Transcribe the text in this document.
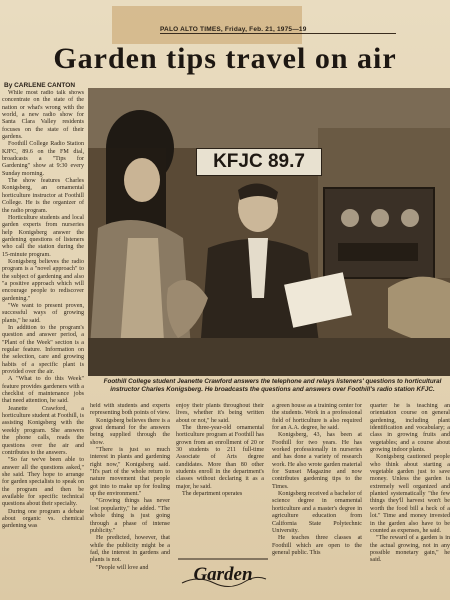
PALO ALTO TIMES, Friday, Feb. 21, 1975—19
Garden tips travel on air
By CARLENE CANTON

While most radio talk shows concentrate on the state of the nation or what's wrong with the world, a new radio show for Santa Clara Valley residents focuses on the state of their gardens.

Foothill College Radio Station KJFC, 89.6 on the FM dial, broadcasts a "Tips for Gardening" show at 9:30 every Sunday morning.

The show features Charles Konigsberg, an ornamental horticulture instructor at Foothill College. He is the organizer of the radio program.

Horticulture students and local garden experts from nurseries help Konigsberg answer the gardening questions of listeners who call the station during the 15-minute program.

Konigsberg believes the radio program is a "novel approach" to the subject of gardening and also "a positive approach which will encourage people to rediscover gardening."

"We want to present proven, successful ways of growing plants," he said.

In addition to the program's question and answer period, a "Plant of the Week" section is a regular feature. Information on the selection, care and growing habits of a specific plant is provided over the air.

A "What to do this Week" feature provides gardeners with a checklist of maintenance jobs that need attention, he said.

Jeanette Crawford, a horticulture student at Foothill, is assisting Konigsberg with the weekly program. She answers the phone calls, reads the questions over the air and contributes to the answers.

"So far we've been able to answer all the questions asked," she said. They hope to arrange for garden specialists to speak on the program and then be available for specific technical questions about their specialty.

During one program a debate about organic vs. chemical gardening was

KFJC 89.7
Foothill College student Jeanette Crawford answers the telephone and relays listeners' questions to horticultural instructor Charles Konigsberg. He broadcasts the questions and answers over Foothill's radio station KFJC.

held with students and experts representing both points of view.

Konigsberg believes there is a great demand for the answers being supplied through the show.

"There is just so much interest in plants and gardening right now," Konigsberg said. "It's part of the whole return to nature movement that people got into to make up for fouling up the environment."

"Growing things has never lost popularity," he added. "The whole thing is just going through a phase of intense publicity."

He predicted, however, that while the publicity might be a fad, the interest in gardens and plants is not.

"People will love and

enjoy their plants throughout their lives, whether it's being written about or not," he said.

The three-year-old ornamental horticulture program at Foothill has grown from an enrollment of 20 or 30 students to 211 full-time Associate of Arts degree candidates. More than 80 other students enroll in the department's classes without declaring it as a major, he said.

The department operates

Garden

a green house as a training center for the students. Work in a professional field of horticulture is also required for an A.A. degree, he said.

Konigsberg, 43, has been at Foothill for two years. He has worked professionally in nurseries and has done a variety of research work. He also wrote garden material for Sunset Magazine and now contributes gardening tips to the Times.

Konigsberg received a bachelor of science degree in ornamental horticulture and a master's degree in agriculture education from California State Polytechnic University.

He teaches three classes at Foothill which are open to the general public. This

quarter he is teaching an orientation course on general gardening, including plant identification and vocabulary; a class in growing fruits and vegetables; and a course about growing indoor plants.

Konigsberg cautioned people who think about starting a vegetable garden just to save money. Unless the garden is extremely well organized and planted systematically "the few things they'll harvest won't be worth the food bill a heck of a lot." Time and money invested in the garden also have to be counted as expenses, he said.

"The reward of a garden is in the actual growing, not in any possible monetary gain," he said.
